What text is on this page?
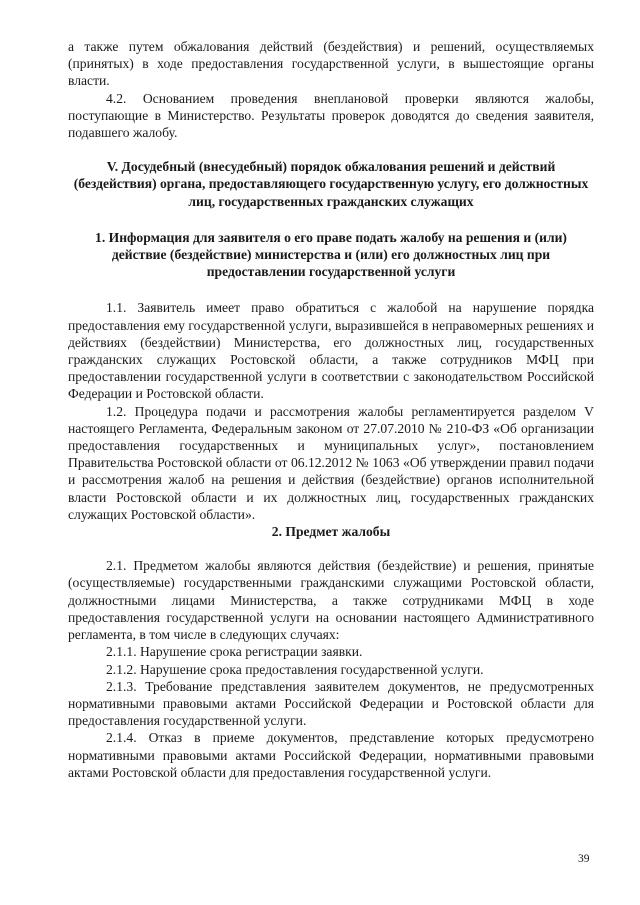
а также путем обжалования действий (бездействия) и решений, осуществляемых (принятых) в ходе предоставления государственной услуги, в вышестоящие органы власти.

4.2. Основанием проведения внеплановой проверки являются жалобы, поступающие в Министерство. Результаты проверок доводятся до сведения заявителя, подавшего жалобу.

V. Досудебный (внесудебный) порядок обжалования решений и действий (бездействия) органа, предоставляющего государственную услугу, его должностных лиц, государственных гражданских служащих

1. Информация для заявителя о его праве подать жалобу на решения и (или) действие (бездействие) министерства и (или) его должностных лиц при предоставлении государственной услуги

1.1. Заявитель имеет право обратиться с жалобой на нарушение порядка предоставления ему государственной услуги, выразившейся в неправомерных решениях и действиях (бездействии) Министерства, его должностных лиц, государственных гражданских служащих Ростовской области, а также сотрудников МФЦ при предоставлении государственной услуги в соответствии с законодательством Российской Федерации и Ростовской области.

1.2. Процедура подачи и рассмотрения жалобы регламентируется разделом V настоящего Регламента, Федеральным законом от 27.07.2010 № 210-ФЗ «Об организации предоставления государственных и муниципальных услуг», постановлением Правительства Ростовской области от 06.12.2012 № 1063 «Об утверждении правил подачи и рассмотрения жалоб на решения и действия (бездействие) органов исполнительной власти Ростовской области и их должностных лиц, государственных гражданских служащих Ростовской области».

2. Предмет жалобы

2.1. Предметом жалобы являются действия (бездействие) и решения, принятые (осуществляемые) государственными гражданскими служащими Ростовской области, должностными лицами Министерства, а также сотрудниками МФЦ в ходе предоставления государственной услуги на основании настоящего Административного регламента, в том числе в следующих случаях:

2.1.1. Нарушение срока регистрации заявки.

2.1.2. Нарушение срока предоставления государственной услуги.

2.1.3. Требование представления заявителем документов, не предусмотренных нормативными правовыми актами Российской Федерации и Ростовской области для предоставления государственной услуги.

2.1.4. Отказ в приеме документов, представление которых предусмотрено нормативными правовыми актами Российской Федерации, нормативными правовыми актами Ростовской области для предоставления государственной услуги.

39
